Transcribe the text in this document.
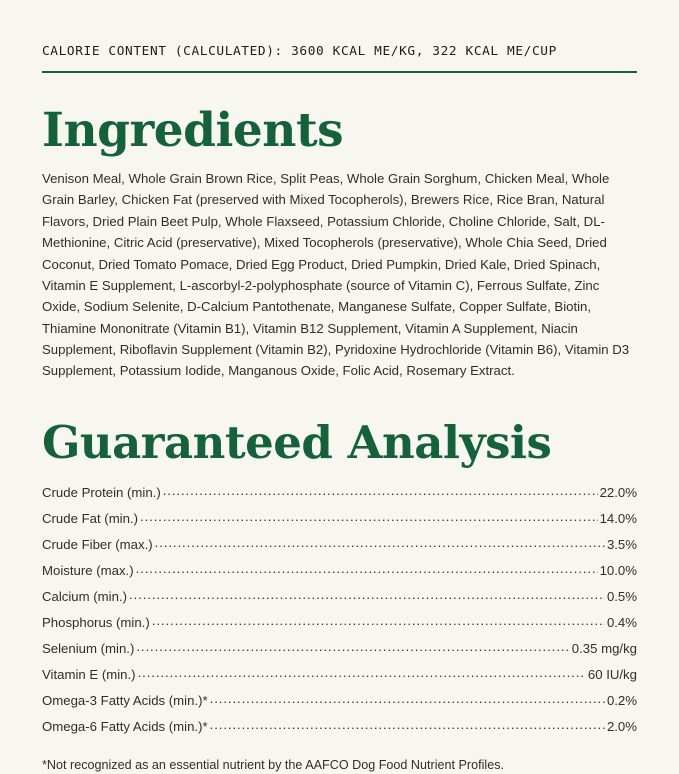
CALORIE CONTENT (CALCULATED): 3600 KCAL ME/KG, 322 KCAL ME/CUP
Ingredients

Venison Meal, Whole Grain Brown Rice, Split Peas, Whole Grain Sorghum, Chicken Meal, Whole Grain Barley, Chicken Fat (preserved with Mixed Tocopherols), Brewers Rice, Rice Bran, Natural Flavors, Dried Plain Beet Pulp, Whole Flaxseed, Potassium Chloride, Choline Chloride, Salt, DL-Methionine, Citric Acid (preservative), Mixed Tocopherols (preservative), Whole Chia Seed, Dried Coconut, Dried Tomato Pomace, Dried Egg Product, Dried Pumpkin, Dried Kale, Dried Spinach, Vitamin E Supplement, L-ascorbyl-2-polyphosphate (source of Vitamin C), Ferrous Sulfate, Zinc Oxide, Sodium Selenite, D-Calcium Pantothenate, Manganese Sulfate, Copper Sulfate, Biotin, Thiamine Mononitrate (Vitamin B1), Vitamin B12 Supplement, Vitamin A Supplement, Niacin Supplement, Riboflavin Supplement (Vitamin B2), Pyridoxine Hydrochloride (Vitamin B6), Vitamin D3 Supplement, Potassium Iodide, Manganous Oxide, Folic Acid, Rosemary Extract.

Guaranteed Analysis
Crude Protein (min.) .....	22.0%
Crude Fat (min.) .....	14.0%
Crude Fiber (max.) .....	3.5%
Moisture (max.) .....	10.0%
Calcium (min.) .....	0.5%
Phosphorus (min.) .....	0.4%
Selenium (min.) .....	0.35 mg/kg
Vitamin E (min.) .....	60 IU/kg
Omega-3 Fatty Acids (min.)* .....	0.2%
Omega-6 Fatty Acids (min.)* .....	2.0%
*Not recognized as an essential nutrient by the AAFCO Dog Food Nutrient Profiles.
